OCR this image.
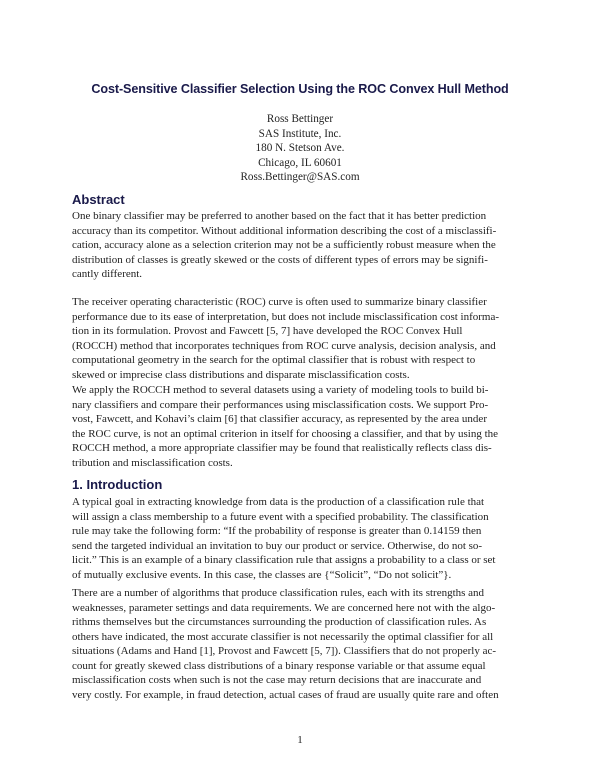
Cost-Sensitive Classifier Selection Using the ROC Convex Hull Method
Ross Bettinger
SAS Institute, Inc.
180 N. Stetson Ave.
Chicago, IL 60601
Ross.Bettinger@SAS.com
Abstract
One binary classifier may be preferred to another based on the fact that it has better prediction
accuracy than its competitor. Without additional information describing the cost of a misclassifi-
cation, accuracy alone as a selection criterion may not be a sufficiently robust measure when the
distribution of classes is greatly skewed or the costs of different types of errors may be signifi-
cantly different.
The receiver operating characteristic (ROC) curve is often used to summarize binary classifier
performance due to its ease of interpretation, but does not include misclassification cost informa-
tion in its formulation. Provost and Fawcett [5, 7] have developed the ROC Convex Hull
(ROCCH) method that incorporates techniques from ROC curve analysis, decision analysis, and
computational geometry in the search for the optimal classifier that is robust with respect to
skewed or imprecise class distributions and disparate misclassification costs.
We apply the ROCCH method to several datasets using a variety of modeling tools to build bi-
nary classifiers and compare their performances using misclassification costs. We support Pro-
vost, Fawcett, and Kohavi’s claim [6] that classifier accuracy, as represented by the area under
the ROC curve, is not an optimal criterion in itself for choosing a classifier, and that by using the
ROCCH method, a more appropriate classifier may be found that realistically reflects class dis-
tribution and misclassification costs.
1. Introduction
A typical goal in extracting knowledge from data is the production of a classification rule that
will assign a class membership to a future event with a specified probability. The classification
rule may take the following form: “If the probability of response is greater than 0.14159 then
send the targeted individual an invitation to buy our product or service. Otherwise, do not so-
licit.” This is an example of a binary classification rule that assigns a probability to a class or set
of mutually exclusive events. In this case, the classes are {“Solicit”, “Do not solicit”}.
There are a number of algorithms that produce classification rules, each with its strengths and
weaknesses, parameter settings and data requirements. We are concerned here not with the algo-
rithms themselves but the circumstances surrounding the production of classification rules. As
others have indicated, the most accurate classifier is not necessarily the optimal classifier for all
situations (Adams and Hand [1], Provost and Fawcett [5, 7]). Classifiers that do not properly ac-
count for greatly skewed class distributions of a binary response variable or that assume equal
misclassification costs when such is not the case may return decisions that are inaccurate and
very costly. For example, in fraud detection, actual cases of fraud are usually quite rare and often
1
